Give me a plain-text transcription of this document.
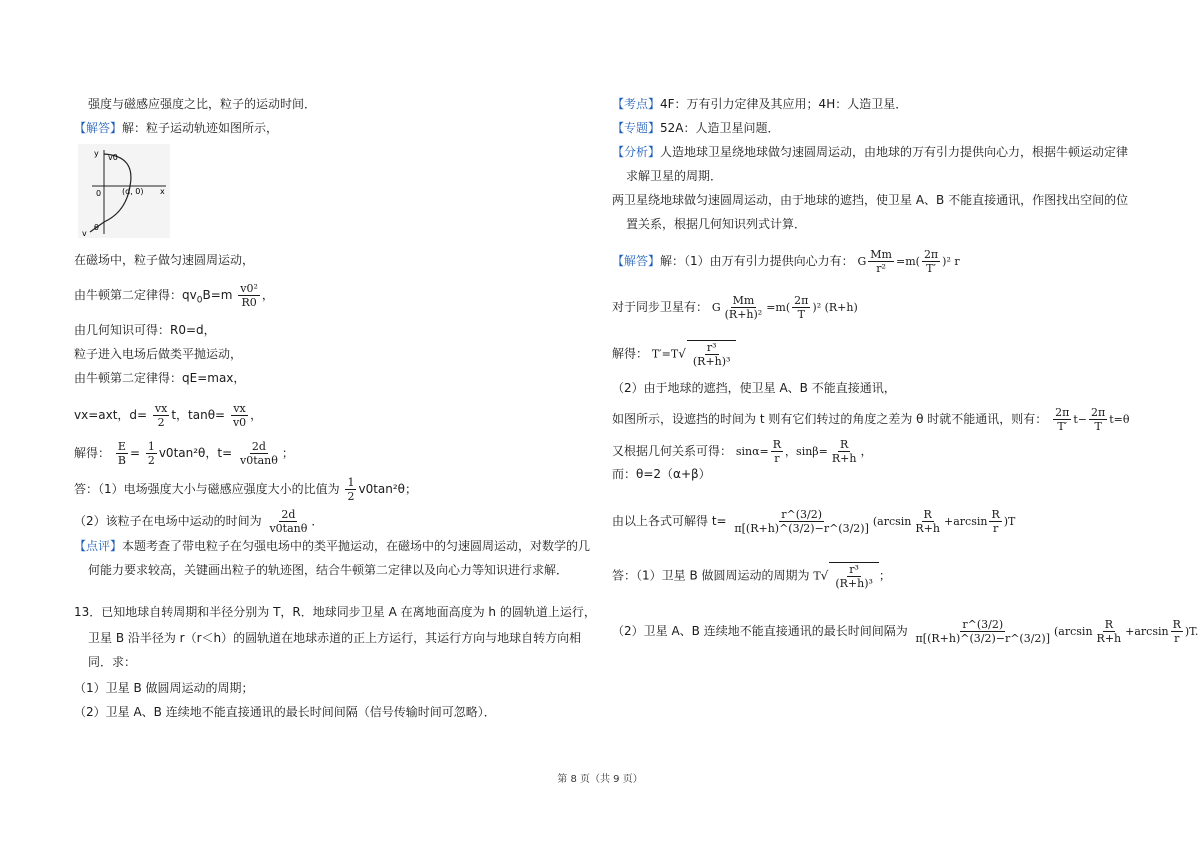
强度与磁感应强度之比，粒子的运动时间．
【解答】解：粒子运动轨迹如图所示，
y v0
0	(d, 0) x
v
θ
在磁场中，粒子做匀速圆周运动，
由牛顿第二定律得：$qv_0B=m \frac{\text{v0²}}{R0}$ ，
由几何知识可得：R0=d，
粒子进入电场后做类平抛运动，
由牛顿第二定律得：qE=max，
vx=axt，$d= \frac{vx}{2}$ t，$\tan\theta= \frac{vx}{v0}$ ，
解得： $\frac{E}{B} = \frac{1}{2} v0\tan^2\theta$，$t= \frac{2d}{v0\tan\theta}$ ；
答：（1）电场强度大小与磁感应强度大小的比值为 $\frac{1}{2} v0\tan^2\theta$；
（2）该粒子在电场中运动的时间为 $\frac{2d}{v0\tan\theta}$ ．
【点评】本题考查了带电粒子在匀强电场中的类平抛运动，在磁场中的匀速圆周运动，对数学的几
何能力要求较高，关键画出粒子的轨迹图，结合牛顿第二定律以及向心力等知识进行求解．
13．已知地球自转周期和半径分别为 T，R．地球同步卫星 A 在离地面高度为 h 的圆轨道上运行，
卫星 B 沿半径为 r（r＜h）的圆轨道在地球赤道的正上方运行，其运行方向与地球自转方向相
同．求：
（1）卫星 B 做圆周运动的周期；
（2）卫星 A、B 连续地不能直接通讯的最长时间间隔（信号传输时间可忽略）．
【考点】4F：万有引力定律及其应用；4H：人造卫星．
【专题】52A：人造卫星问题．
【分析】人造地球卫星绕地球做匀速圆周运动，由地球的万有引力提供向心力，根据牛顿运动定律
求解卫星的周期．
两卫星绕地球做匀速圆周运动，由于地球的遮挡，使卫星 A、B 不能直接通讯，作图找出空间的位
置关系，根据几何知识列式计算．
【解答】解：（1）由万有引力提供向心力有： G $\frac{Mm}{\text{r²}} =m( \frac{2\pi}{T'} )^2$ r
对于同步卫星有： G $\frac{Mm}{\text{(R+h)²}} =m( \frac{2\pi}{T} )^2$ (R+h)
解得： $T'=T√ \frac{\text{r³}}{\text{(R+h)³}}$
（2）由于地球的遮挡，使卫星 A、B 不能直接通讯，
如图所示，设遮挡的时间为 t 则有它们转过的角度之差为 θ 时就不能通讯，则有： $\frac{2\pi}{T'} t- \frac{2\pi}{T} t=\theta$
又根据几何关系可得： $\sin\alpha= \frac{R}{r}$ ，$\sin\beta= \frac{R}{R+h}$ ，
而：θ=2（α+β）
由以上各式可解得 $t= \frac{r\^{}(3/2)}{\pi[(R+h)\^{}(3/2)-r\^{}(3/2)]} (\arcsin \frac{R}{R+h} +\arcsin \frac{R}{r} )T$
答：（1）卫星 B 做圆周运动的周期为 $T√ \frac{\text{r³}}{\text{(R+h)³}}$ ；
（2）卫星 A、B 连续地不能直接通讯的最长时间间隔为 $\frac{r\^{}(3/2)}{\pi[(R+h)\^{}(3/2)-r\^{}(3/2)]} (\arcsin \frac{R}{R+h} +\arcsin \frac{R}{r} )T$.
第 8 页（共 9 页）
